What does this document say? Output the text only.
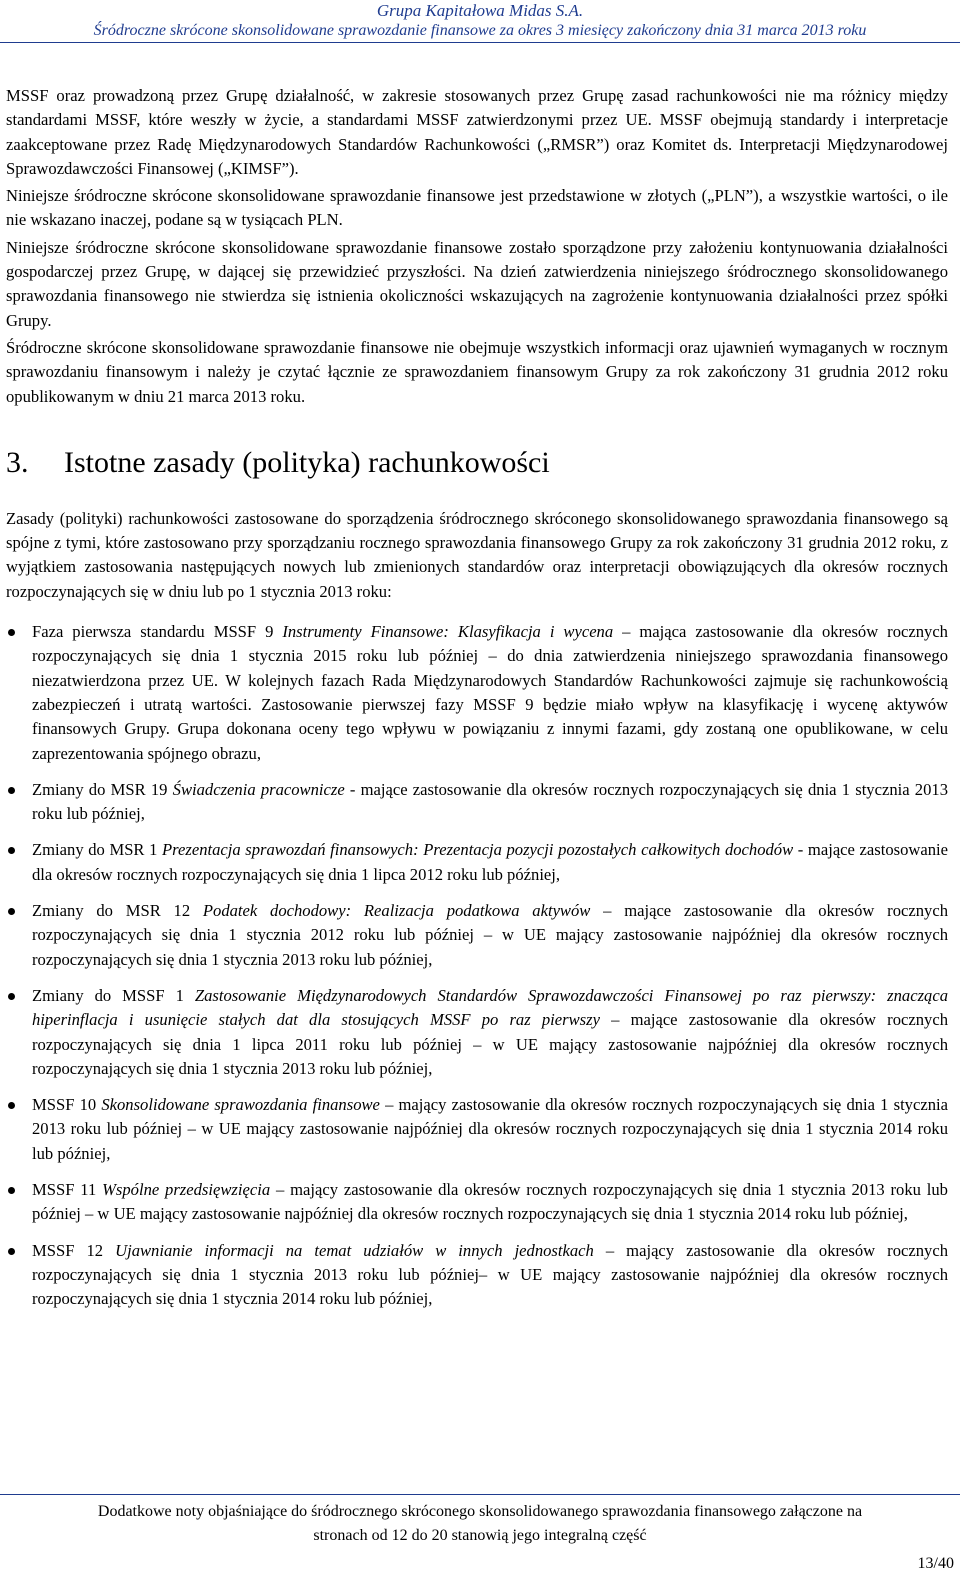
Grupa Kapitałowa Midas S.A.
Śródroczne skrócone skonsolidowane sprawozdanie finansowe za okres 3 miesięcy zakończony dnia 31 marca 2013 roku

MSSF oraz prowadzoną przez Grupę działalność, w zakresie stosowanych przez Grupę zasad rachunkowości nie ma różnicy między standardami MSSF, które weszły w życie, a standardami MSSF zatwierdzonymi przez UE. MSSF obejmują standardy i interpretacje zaakceptowane przez Radę Międzynarodowych Standardów Rachunkowości („RMSR”) oraz Komitet ds. Interpretacji Międzynarodowej Sprawozdawczości Finansowej („KIMSF”).

Niniejsze śródroczne skrócone skonsolidowane sprawozdanie finansowe jest przedstawione w złotych („PLN”), a wszystkie wartości, o ile nie wskazano inaczej, podane są w tysiącach PLN.

Niniejsze śródroczne skrócone skonsolidowane sprawozdanie finansowe zostało sporządzone przy założeniu kontynuowania działalności gospodarczej przez Grupę, w dającej się przewidzieć przyszłości. Na dzień zatwierdzenia niniejszego śródrocznego skonsolidowanego sprawozdania finansowego nie stwierdza się istnienia okoliczności wskazujących na zagrożenie kontynuowania działalności przez spółki Grupy.

Śródroczne skrócone skonsolidowane sprawozdanie finansowe nie obejmuje wszystkich informacji oraz ujawnień wymaganych w rocznym sprawozdaniu finansowym i należy je czytać łącznie ze sprawozdaniem finansowym Grupy za rok zakończony 31 grudnia 2012 roku opublikowanym w dniu 21 marca 2013 roku.

3.	Istotne zasady (polityka) rachunkowości

Zasady (polityki) rachunkowości zastosowane do sporządzenia śródrocznego skróconego skonsolidowanego sprawozdania finansowego są spójne z tymi, które zastosowano przy sporządzaniu rocznego sprawozdania finansowego Grupy za rok zakończony 31 grudnia 2012 roku, z wyjątkiem zastosowania następujących nowych lub zmienionych standardów oraz interpretacji obowiązujących dla okresów rocznych rozpoczynających się w dniu lub po 1 stycznia 2013 roku:

Faza pierwsza standardu MSSF 9 Instrumenty Finansowe: Klasyfikacja i wycena – mająca zastosowanie dla okresów rocznych rozpoczynających się dnia 1 stycznia 2015 roku lub później – do dnia zatwierdzenia niniejszego sprawozdania finansowego niezatwierdzona przez UE. W kolejnych fazach Rada Międzynarodowych Standardów Rachunkowości zajmuje się rachunkowością zabezpieczeń i utratą wartości. Zastosowanie pierwszej fazy MSSF 9 będzie miało wpływ na klasyfikację i wycenę aktywów finansowych Grupy. Grupa dokonana oceny tego wpływu w powiązaniu z innymi fazami, gdy zostaną one opublikowane, w celu zaprezentowania spójnego obrazu,
Zmiany do MSR 19 Świadczenia pracownicze - mające zastosowanie dla okresów rocznych rozpoczynających się dnia 1 stycznia 2013 roku lub później,
Zmiany do MSR 1 Prezentacja sprawozdań finansowych: Prezentacja pozycji pozostałych całkowitych dochodów - mające zastosowanie dla okresów rocznych rozpoczynających się dnia 1 lipca 2012 roku lub później,
Zmiany do MSR 12 Podatek dochodowy: Realizacja podatkowa aktywów – mające zastosowanie dla okresów rocznych rozpoczynających się dnia 1 stycznia 2012 roku lub później – w UE mający zastosowanie najpóźniej dla okresów rocznych rozpoczynających się dnia 1 stycznia 2013 roku lub później,
Zmiany do MSSF 1 Zastosowanie Międzynarodowych Standardów Sprawozdawczości Finansowej po raz pierwszy: znacząca hiperinflacja i usunięcie stałych dat dla stosujących MSSF po raz pierwszy – mające zastosowanie dla okresów rocznych rozpoczynających się dnia 1 lipca 2011 roku lub później – w UE mający zastosowanie najpóźniej dla okresów rocznych rozpoczynających się dnia 1 stycznia 2013 roku lub później,
MSSF 10 Skonsolidowane sprawozdania finansowe – mający zastosowanie dla okresów rocznych rozpoczynających się dnia 1 stycznia 2013 roku lub później – w UE mający zastosowanie najpóźniej dla okresów rocznych rozpoczynających się dnia 1 stycznia 2014 roku lub później,
MSSF 11 Wspólne przedsięwzięcia – mający zastosowanie dla okresów rocznych rozpoczynających się dnia 1 stycznia 2013 roku lub później – w UE mający zastosowanie najpóźniej dla okresów rocznych rozpoczynających się dnia 1 stycznia 2014 roku lub później,
MSSF 12 Ujawnianie informacji na temat udziałów w innych jednostkach – mający zastosowanie dla okresów rocznych rozpoczynających się dnia 1 stycznia 2013 roku lub później– w UE mający zastosowanie najpóźniej dla okresów rocznych rozpoczynających się dnia 1 stycznia 2014 roku lub później,
Dodatkowe noty objaśniające do śródrocznego skróconego skonsolidowanego sprawozdania finansowego załączone na
stronach od 12 do 20 stanowią jego integralną część
13/40
